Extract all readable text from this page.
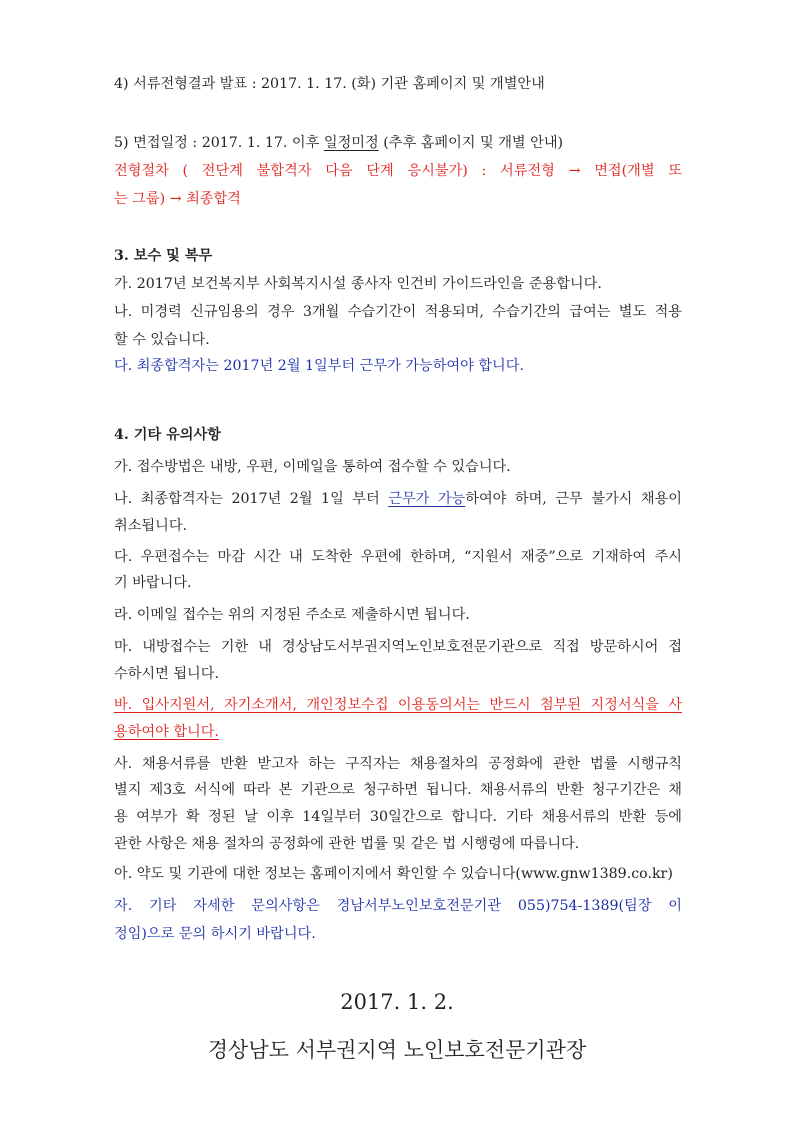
4) 서류전형결과 발표 : 2017. 1. 17. (화) 기관 홈페이지 및 개별안내
5) 면접일정 : 2017. 1. 17. 이후 일정미정 (추후 홈페이지 및 개별 안내)
전형절차 ( 전단계 불합격자 다음 단계 응시불가) : 서류전형 → 면접(개별 또
는 그룹) → 최종합격
3. 보수 및 복무
가. 2017년 보건복지부 사회복지시설 종사자 인건비 가이드라인을 준용합니다.
나. 미경력 신규임용의 경우 3개월 수습기간이 적용되며, 수습기간의 급여는 별도 적용
할 수 있습니다.
다. 최종합격자는 2017년 2월 1일부터 근무가 가능하여야 합니다.
4. 기타 유의사항
가. 접수방법은 내방, 우편, 이메일을 통하여 접수할 수 있습니다.
나. 최종합격자는 2017년 2월 1일 부터 근무가 가능하여야 하며, 근무 불가시 채용이
취소됩니다.
다. 우편접수는 마감 시간 내 도착한 우편에 한하며, “지원서 재중”으로 기재하여 주시
기 바랍니다.
라. 이메일 접수는 위의 지정된 주소로 제출하시면 됩니다.
마. 내방접수는 기한 내 경상남도서부권지역노인보호전문기관으로 직접 방문하시어 접
수하시면 됩니다.
바. 입사지원서, 자기소개서, 개인정보수집 이용동의서는 반드시 첨부된 지정서식을 사
용하여야 합니다.
사. 채용서류를 반환 받고자 하는 구직자는 채용절차의 공정화에 관한 법률 시행규칙
별지 제3호 서식에 따라 본 기관으로 청구하면 됩니다. 채용서류의 반환 청구기간은 채
용 여부가 확 정된 날 이후 14일부터 30일간으로 합니다. 기타 채용서류의 반환 등에
관한 사항은 채용 절차의 공정화에 관한 법률 및 같은 법 시행령에 따릅니다.
아. 약도 및 기관에 대한 정보는 홈페이지에서 확인할 수 있습니다(www.gnw1389.co.kr)
자. 기타 자세한 문의사항은 경남서부노인보호전문기관 055)754-1389(팀장 이
정임)으로 문의 하시기 바랍니다.
2017. 1. 2.
경상남도 서부권지역 노인보호전문기관장
